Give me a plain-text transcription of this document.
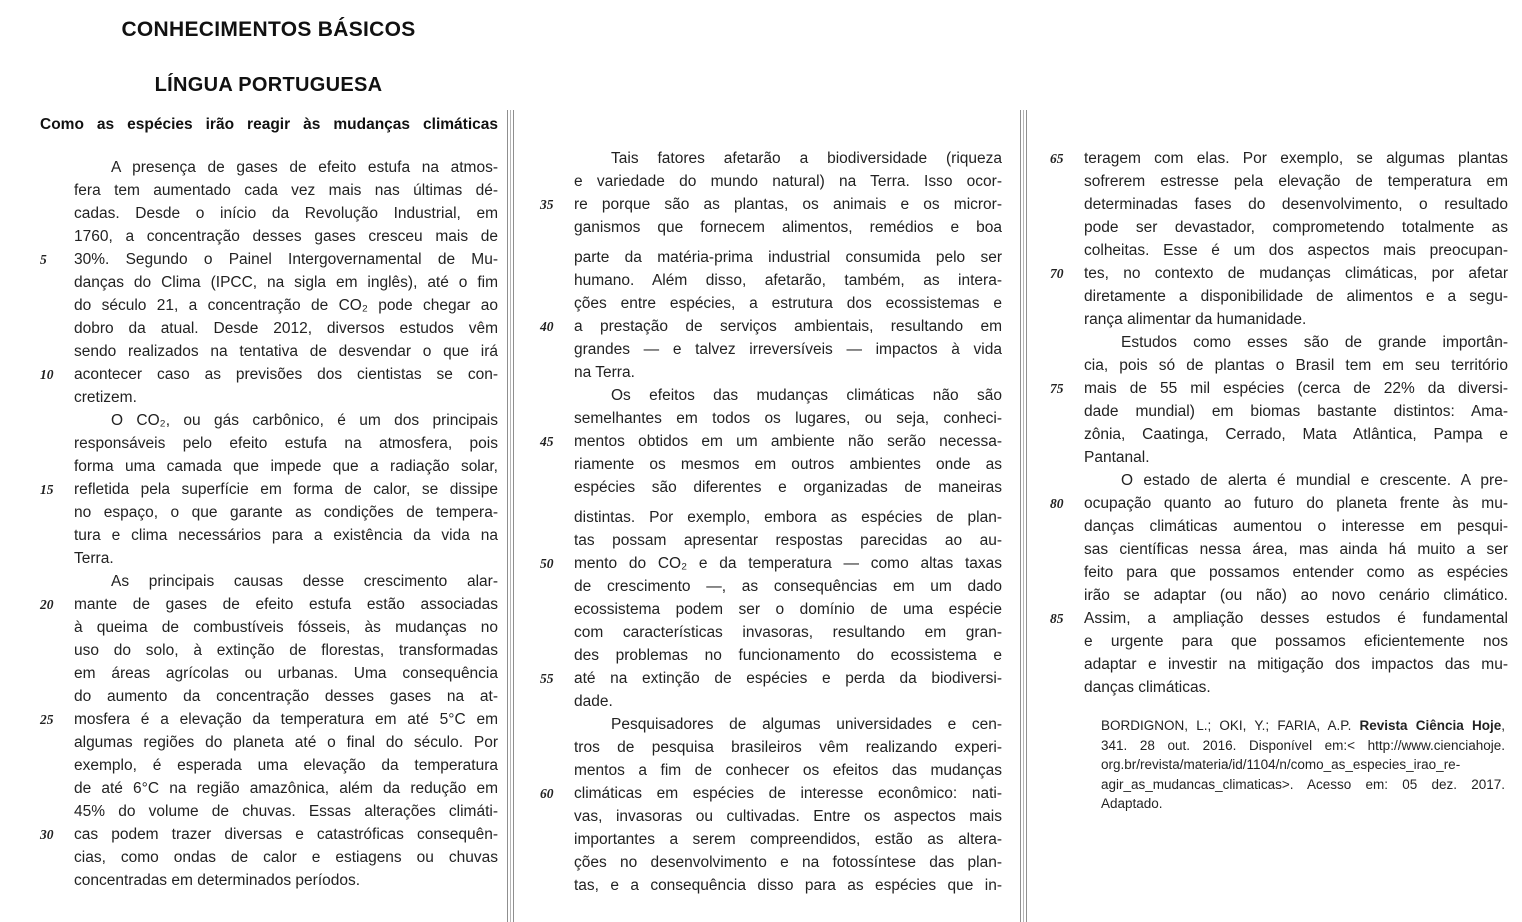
CONHECIMENTOS BÁSICOS
LÍNGUA PORTUGUESA
Como as espécies irão reagir às mudanças climáticas
A presença de gases de efeito estufa na atmos-
fera tem aumentado cada vez mais nas últimas dé-
cadas. Desde o início da Revolução Industrial, em
1760, a concentração desses gases cresceu mais de
5	30%. Segundo o Painel Intergovernamental de Mu-
danças do Clima (IPCC, na sigla em inglês), até o fim
do século 21, a concentração de CO₂ pode chegar ao
dobro da atual. Desde 2012, diversos estudos vêm
sendo realizados na tentativa de desvendar o que irá
10	acontecer caso as previsões dos cientistas se con-
cretizem.
O CO₂, ou gás carbônico, é um dos principais
responsáveis pelo efeito estufa na atmosfera, pois
forma uma camada que impede que a radiação solar,
15	refletida pela superfície em forma de calor, se dissipe
no espaço, o que garante as condições de tempera-
tura e clima necessários para a existência da vida na
Terra.
As principais causas desse crescimento alar-
20	mante de gases de efeito estufa estão associadas
à queima de combustíveis fósseis, às mudanças no
uso do solo, à extinção de florestas, transformadas
em áreas agrícolas ou urbanas. Uma consequência
do aumento da concentração desses gases na at-
25	mosfera é a elevação da temperatura em até 5°C em
algumas regiões do planeta até o final do século. Por
exemplo, é esperada uma elevação da temperatura
de até 6°C na região amazônica, além da redução em
45% do volume de chuvas. Essas alterações climáti-
30	cas podem trazer diversas e catastróficas consequên-
cias, como ondas de calor e estiagens ou chuvas
concentradas em determinados períodos.
Tais fatores afetarão a biodiversidade (riqueza
e variedade do mundo natural) na Terra. Isso ocor-
35	re porque são as plantas, os animais e os micror-
ganismos que fornecem alimentos, remédios e boa
parte da matéria-prima industrial consumida pelo ser
humano. Além disso, afetarão, também, as intera-
ções entre espécies, a estrutura dos ecossistemas e
40	a prestação de serviços ambientais, resultando em
grandes — e talvez irreversíveis — impactos à vida
na Terra.
Os efeitos das mudanças climáticas não são
semelhantes em todos os lugares, ou seja, conheci-
45	mentos obtidos em um ambiente não serão necessa-
riamente os mesmos em outros ambientes onde as
espécies são diferentes e organizadas de maneiras
distintas. Por exemplo, embora as espécies de plan-
tas possam apresentar respostas parecidas ao au-
50	mento do CO₂ e da temperatura — como altas taxas
de crescimento —, as consequências em um dado
ecossistema podem ser o domínio de uma espécie
com características invasoras, resultando em gran-
des problemas no funcionamento do ecossistema e
55	até na extinção de espécies e perda da biodiversi-
dade.
Pesquisadores de algumas universidades e cen-
tros de pesquisa brasileiros vêm realizando experi-
mentos a fim de conhecer os efeitos das mudanças
60	climáticas em espécies de interesse econômico: nati-
vas, invasoras ou cultivadas. Entre os aspectos mais
importantes a serem compreendidos, estão as altera-
ções no desenvolvimento e na fotossíntese das plan-
tas, e a consequência disso para as espécies que in-
65	teragem com elas. Por exemplo, se algumas plantas
sofrerem estresse pela elevação de temperatura em
determinadas fases do desenvolvimento, o resultado
pode ser devastador, comprometendo totalmente as
colheitas. Esse é um dos aspectos mais preocupan-
70	tes, no contexto de mudanças climáticas, por afetar
diretamente a disponibilidade de alimentos e a segu-
rança alimentar da humanidade.
Estudos como esses são de grande importân-
cia, pois só de plantas o Brasil tem em seu território
75	mais de 55 mil espécies (cerca de 22% da diversi-
dade mundial) em biomas bastante distintos: Ama-
zônia, Caatinga, Cerrado, Mata Atlântica, Pampa e
Pantanal.
O estado de alerta é mundial e crescente. A pre-
80	ocupação quanto ao futuro do planeta frente às mu-
danças climáticas aumentou o interesse em pesqui-
sas científicas nessa área, mas ainda há muito a ser
feito para que possamos entender como as espécies
irão se adaptar (ou não) ao novo cenário climático.
85	Assim, a ampliação desses estudos é fundamental
e urgente para que possamos eficientemente nos
adaptar e investir na mitigação dos impactos das mu-
danças climáticas.
BORDIGNON, L.; OKI, Y.; FARIA, A.P. Revista Ciência Hoje,
341. 28 out. 2016. Disponível em:< http://www.cienciahoje.
org.br/revista/materia/id/1104/n/como_as_especies_irao_re-
agir_as_mudancas_climaticas>. Acesso em: 05 dez. 2017.
Adaptado.
